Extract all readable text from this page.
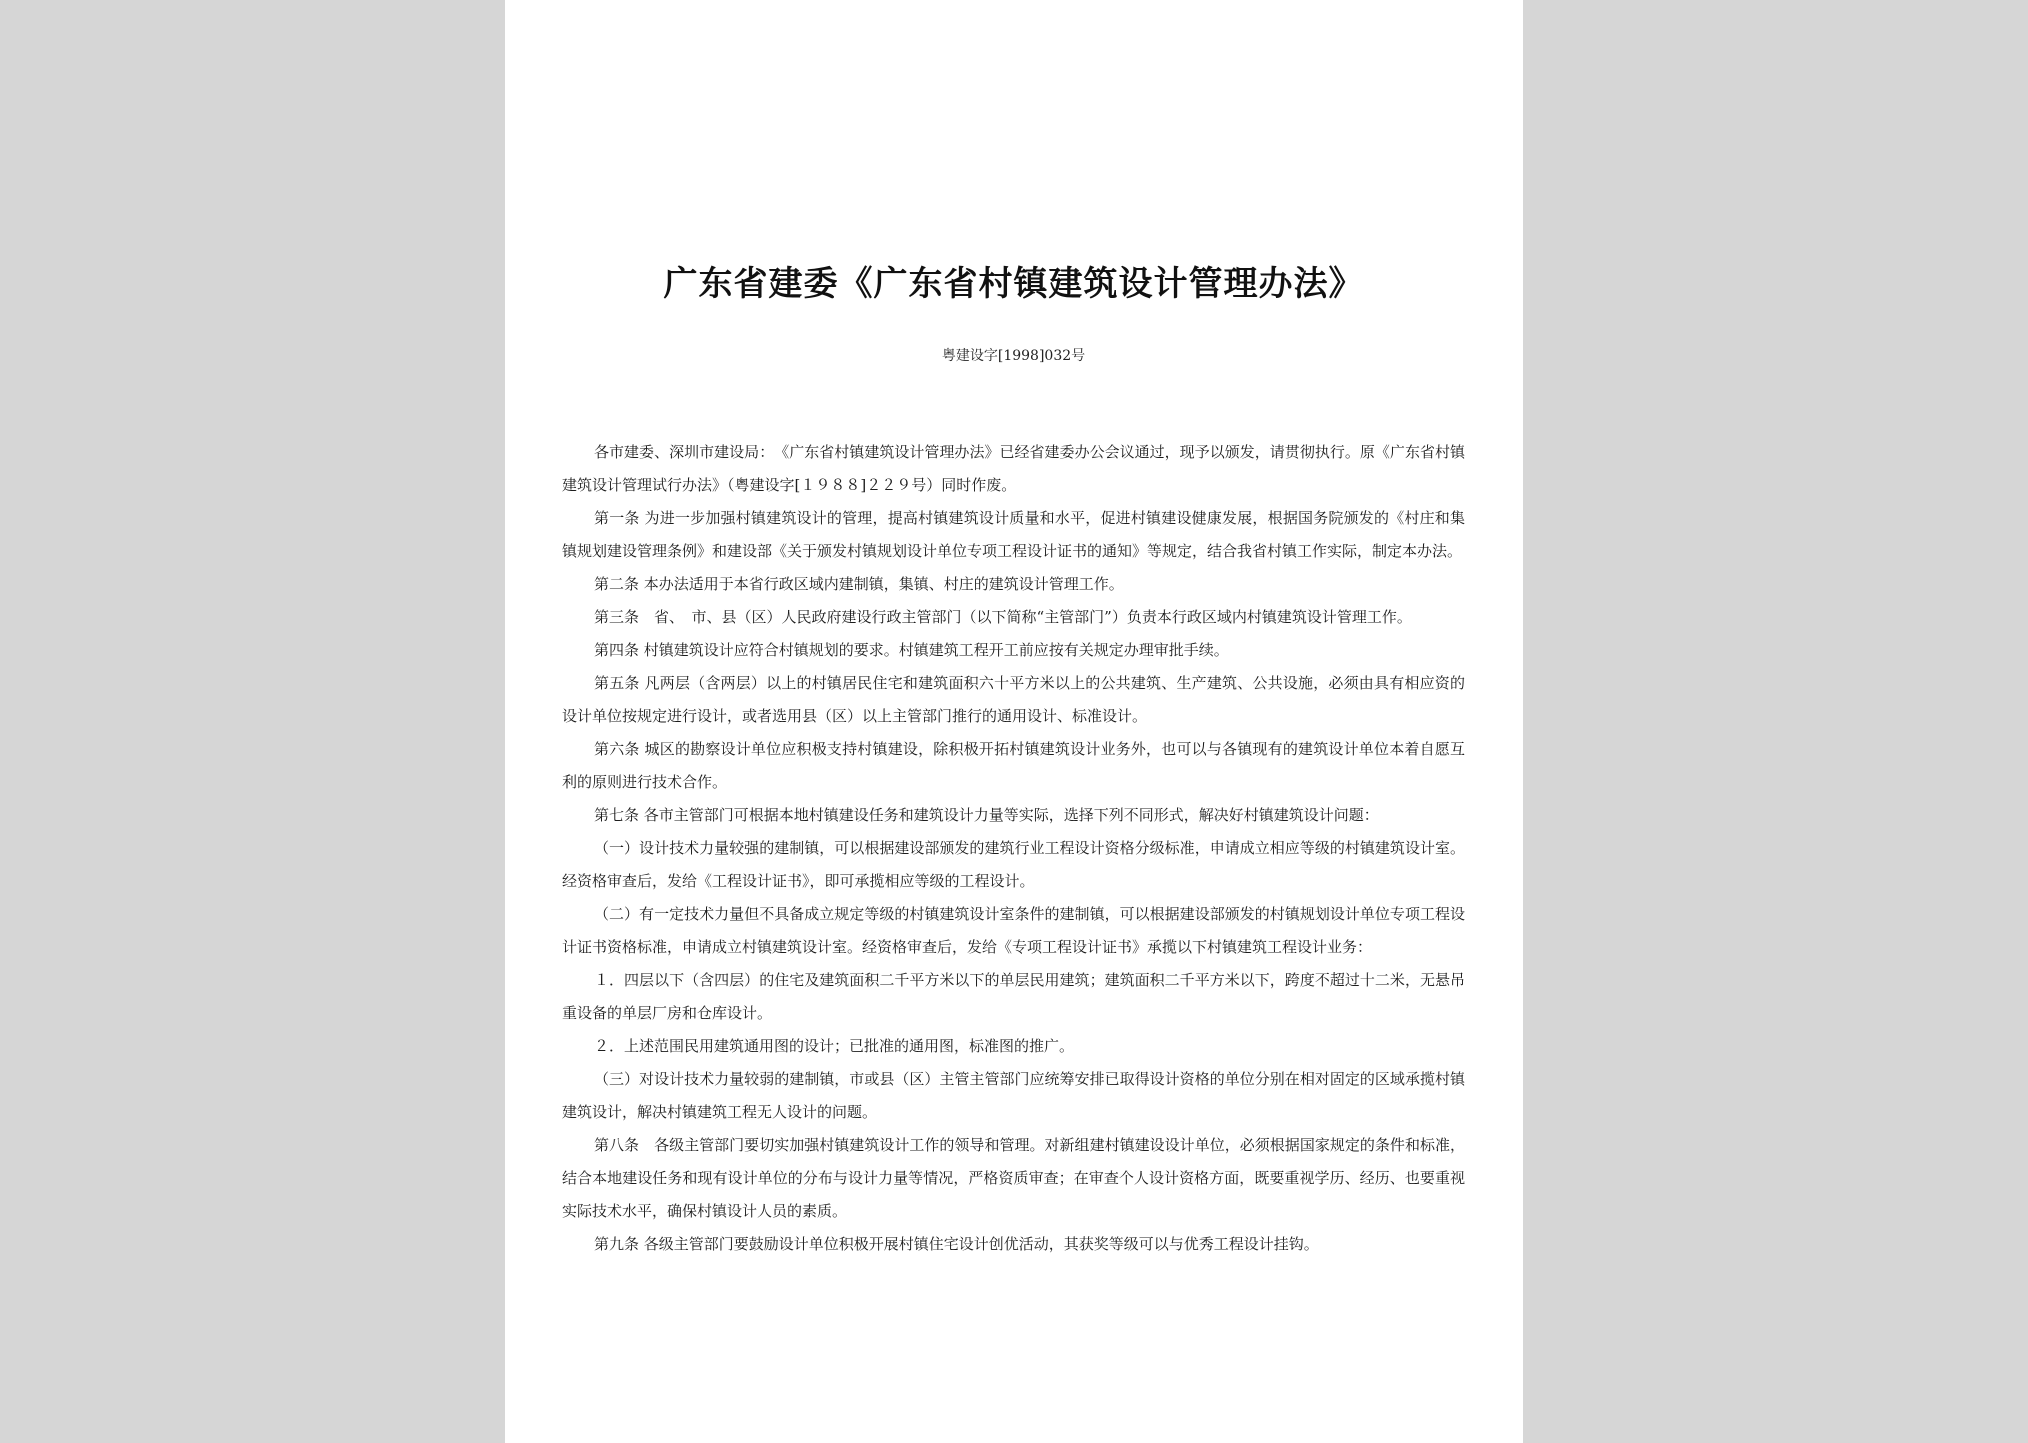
广东省建委《广东省村镇建筑设计管理办法》

粤建设字[1998]032号

各市建委、深圳市建设局：　《广东省村镇建筑设计管理办法》已经省建委办公会议通过，现予以颁发，请贯彻执行。原《广东省村镇建筑设计管理试行办法》（粤建设字[１９８８]２２９号）同时作废。

第一条 为进一步加强村镇建筑设计的管理，提高村镇建筑设计质量和水平，促进村镇建设健康发展，根据国务院颁发的《村庄和集镇规划建设管理条例》和建设部《关于颁发村镇规划设计单位专项工程设计证书的通知》等规定，结合我省村镇工作实际，制定本办法。

第二条 本办法适用于本省行政区域内建制镇，集镇、村庄的建筑设计管理工作。

第三条　省、　市、县（区）人民政府建设行政主管部门（以下简称“主管部门”）负责本行政区域内村镇建筑设计管理工作。

第四条 村镇建筑设计应符合村镇规划的要求。村镇建筑工程开工前应按有关规定办理审批手续。

第五条 凡两层（含两层）以上的村镇居民住宅和建筑面积六十平方米以上的公共建筑、生产建筑、公共设施，必须由具有相应资的设计单位按规定进行设计，或者选用县（区）以上主管部门推行的通用设计、标准设计。

第六条 城区的勘察设计单位应积极支持村镇建设，除积极开拓村镇建筑设计业务外，也可以与各镇现有的建筑设计单位本着自愿互利的原则进行技术合作。

第七条 各市主管部门可根据本地村镇建设任务和建筑设计力量等实际，选择下列不同形式，解决好村镇建筑设计问题：

（一）设计技术力量较强的建制镇，可以根据建设部颁发的建筑行业工程设计资格分级标准，申请成立相应等级的村镇建筑设计室。经资格审查后，发给《工程设计证书》，即可承揽相应等级的工程设计。

（二）有一定技术力量但不具备成立规定等级的村镇建筑设计室条件的建制镇，可以根据建设部颁发的村镇规划设计单位专项工程设计证书资格标准，申请成立村镇建筑设计室。经资格审查后，发给《专项工程设计证书》承揽以下村镇建筑工程设计业务：

１．四层以下（含四层）的住宅及建筑面积二千平方米以下的单层民用建筑；建筑面积二千平方米以下，跨度不超过十二米，无悬吊重设备的单层厂房和仓库设计。

２．上述范围民用建筑通用图的设计；已批准的通用图，标准图的推广。

（三）对设计技术力量较弱的建制镇，市或县（区）主管主管部门应统筹安排已取得设计资格的单位分别在相对固定的区域承揽村镇建筑设计，解决村镇建筑工程无人设计的问题。

第八条　各级主管部门要切实加强村镇建筑设计工作的领导和管理。对新组建村镇建设设计单位，必须根据国家规定的条件和标准，结合本地建设任务和现有设计单位的分布与设计力量等情况，严格资质审查；在审查个人设计资格方面，既要重视学历、经历、也要重视实际技术水平，确保村镇设计人员的素质。

第九条 各级主管部门要鼓励设计单位积极开展村镇住宅设计创优活动，其获奖等级可以与优秀工程设计挂钩。
